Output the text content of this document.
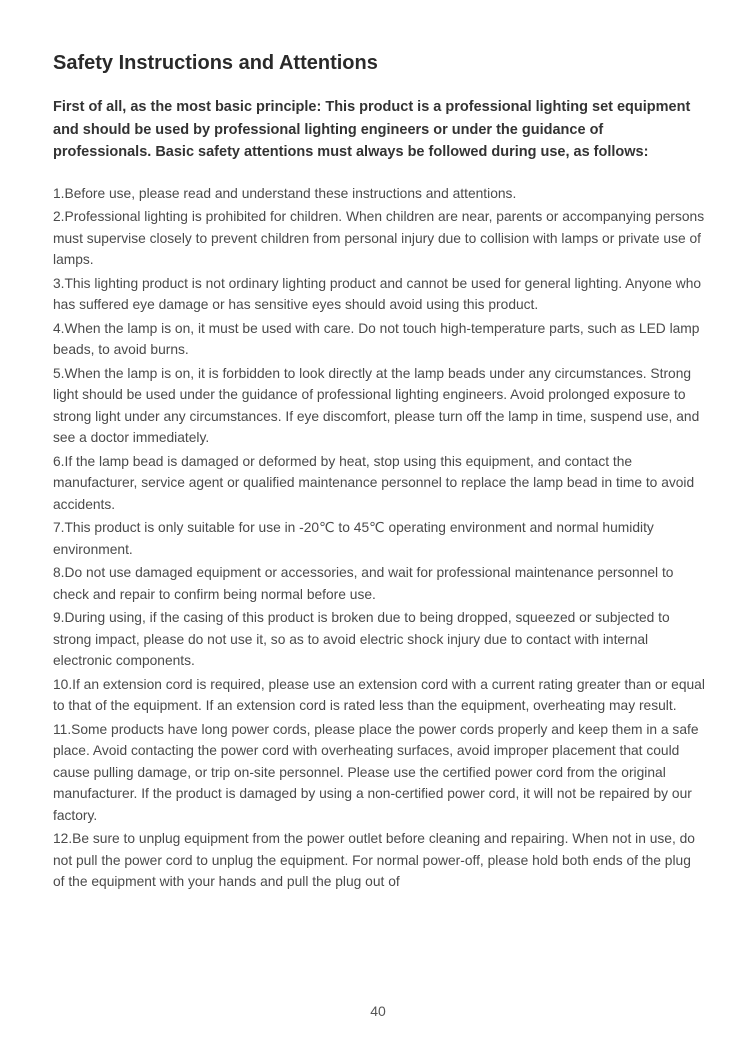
Safety Instructions and Attentions

First of all, as the most basic principle: This product is a professional lighting set equipment and should be used by professional lighting engineers or under the guidance of professionals. Basic safety attentions must always be followed during use, as follows:

1.Before use, please read and understand these instructions and attentions.

2.Professional lighting is prohibited for children. When children are near, parents or accompanying persons must supervise closely to prevent children from personal injury due to collision with lamps or private use of lamps.

3.This lighting product is not ordinary lighting product and cannot be used for general lighting. Anyone who has suffered eye damage or has sensitive eyes should avoid using this product.

4.When the lamp is on, it must be used with care. Do not touch high-temperature parts, such as LED lamp beads, to avoid burns.

5.When the lamp is on, it is forbidden to look directly at the lamp beads under any circumstances. Strong light should be used under the guidance of professional lighting engineers. Avoid prolonged exposure to strong light under any circumstances. If eye discomfort, please turn off the lamp in time, suspend use, and see a doctor immediately.

6.If the lamp bead is damaged or deformed by heat, stop using this equipment, and contact the manufacturer, service agent or qualified maintenance personnel to replace the lamp bead in time to avoid accidents.

7.This product is only suitable for use in -20℃ to 45℃ operating environment and normal humidity environment.

8.Do not use damaged equipment or accessories, and wait for professional maintenance personnel to check and repair to confirm being normal before use.

9.During using, if the casing of this product is broken due to being dropped, squeezed or subjected to strong impact, please do not use it, so as to avoid electric shock injury due to contact with internal electronic components.

10.If an extension cord is required, please use an extension cord with a current rating greater than or equal to that of the equipment. If an extension cord is rated less than the equipment, overheating may result.

11.Some products have long power cords, please place the power cords properly and keep them in a safe place. Avoid contacting the power cord with overheating surfaces, avoid improper placement that could cause pulling damage, or trip on-site personnel. Please use the certified power cord from the original manufacturer. If the product is damaged by using a non-certified power cord, it will not be repaired by our factory.

12.Be sure to unplug equipment from the power outlet before cleaning and repairing. When not in use, do not pull the power cord to unplug the equipment. For normal power-off, please hold both ends of the plug of the equipment with your hands and pull the plug out of

40
